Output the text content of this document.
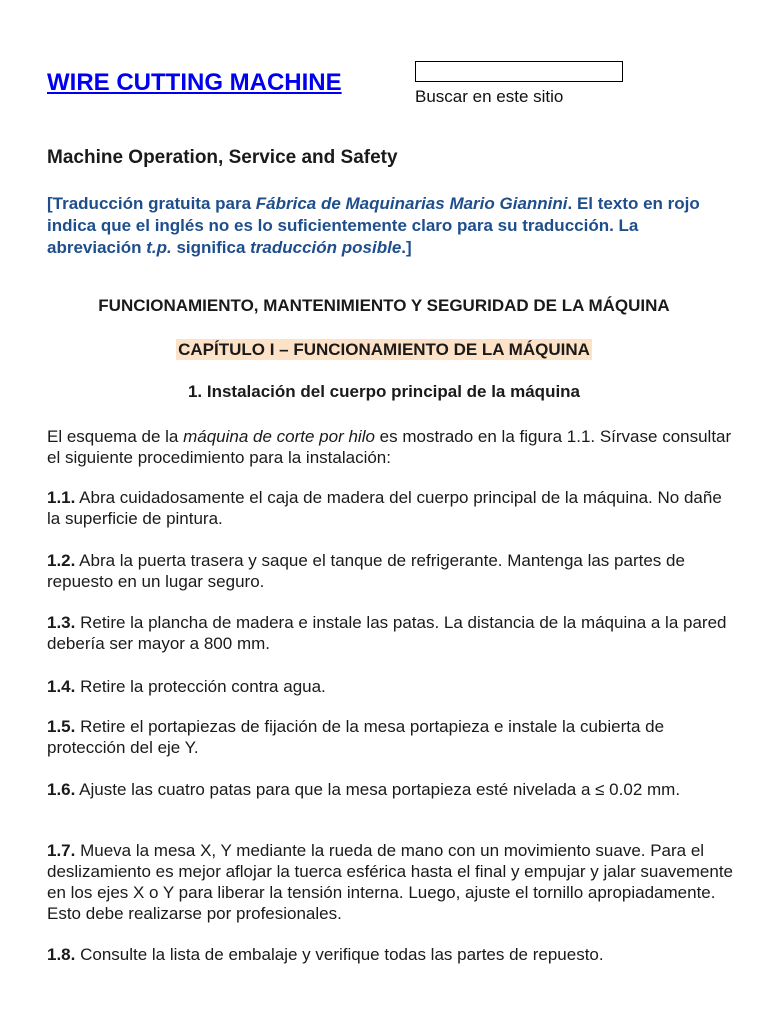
WIRE CUTTING MACHINE
Buscar en este sitio
Machine Operation, Service and Safety
[Traducción gratuita para Fábrica de Maquinarias Mario Giannini. El texto en rojo indica que el inglés no es lo suficientemente claro para su traducción. La abreviación t.p. significa traducción posible.]
FUNCIONAMIENTO, MANTENIMIENTO Y SEGURIDAD DE LA MÁQUINA
CAPÍTULO I – FUNCIONAMIENTO DE LA MÁQUINA
1. Instalación del cuerpo principal de la máquina
El esquema de la máquina de corte por hilo es mostrado en la figura 1.1. Sírvase consultar el siguiente procedimiento para la instalación:
1.1. Abra cuidadosamente el caja de madera del cuerpo principal de la máquina. No dañe la superficie de pintura.
1.2. Abra la puerta trasera y saque el tanque de refrigerante. Mantenga las partes de repuesto en un lugar seguro.
1.3. Retire la plancha de madera e instale las patas. La distancia de la máquina a la pared debería ser mayor a 800 mm.
1.4. Retire la protección contra agua.
1.5. Retire el portapiezas de fijación de la mesa portapieza e instale la cubierta de protección del eje Y.
1.6. Ajuste las cuatro patas para que la mesa portapieza esté nivelada a ≤ 0.02 mm.
1.7. Mueva la mesa X, Y mediante la rueda de mano con un movimiento suave. Para el deslizamiento es mejor aflojar la tuerca esférica hasta el final y empujar y jalar suavemente en los ejes X o Y para liberar la tensión interna. Luego, ajuste el tornillo apropiadamente. Esto debe realizarse por profesionales.
1.8. Consulte la lista de embalaje y verifique todas las partes de repuesto.
